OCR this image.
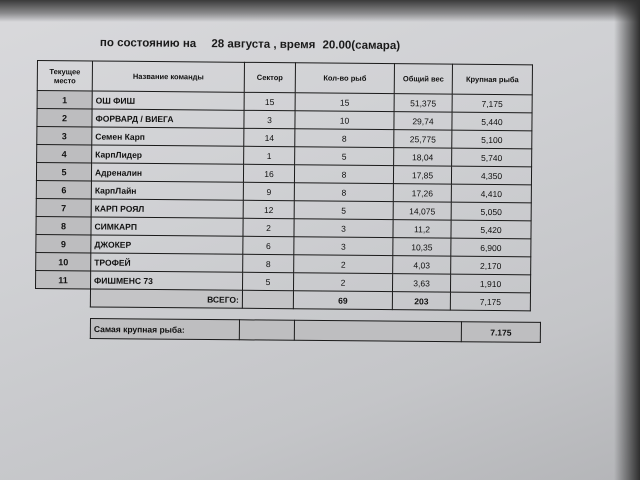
по состоянию на 28 августа , время 20.00(самара)
Текущее место	Название команды	Сектор	Кол-во рыб	Общий вес	Крупная рыба
1	ОШ ФИШ	15	15	51,375	7,175
2	ФОРВАРД / ВИЕГА	3	10	29,74	5,440
3	Семен Карп	14	8	25,775	5,100
4	КарпЛидер	1	5	18,04	5,740
5	Адреналин	16	8	17,85	4,350
6	КарпЛайн	9	8	17,26	4,410
7	КАРП РОЯЛ	12	5	14,075	5,050
8	СИМКАРП	2	3	11,2	5,420
9	ДЖОКЕР	6	3	10,35	6,900
10	ТРОФЕЙ	8	2	4,03	2,170
11	ФИШМЕНС 73	5	2	3,63	1,910
	ВСЕГО:		69	203	7,175
Самая крупная рыба:			7.175
